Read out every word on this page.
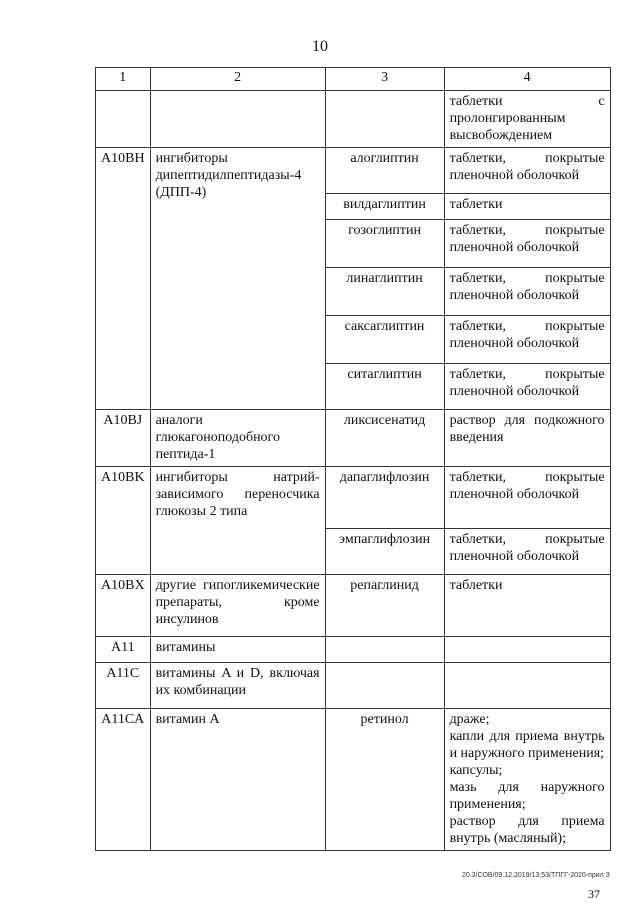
10
1	2	3	4
			таблетки с пролонгированным высвобождением
A10BH	ингибиторы дипептидилпептидазы-4 (ДПП-4)	алоглиптин	таблетки, покрытые пленочной оболочкой
		вилдаглиптин	таблетки
		гозоглиптин	таблетки, покрытые пленочной оболочкой
		линаглиптин	таблетки, покрытые пленочной оболочкой
		саксаглиптин	таблетки, покрытые пленочной оболочкой
		ситаглиптин	таблетки, покрытые пленочной оболочкой
A10BJ	аналоги глюкагоноподобного пептида-1	ликсисенатид	раствор для подкожного введения
A10BK	ингибиторы натрий-зависимого переносчика глюкозы 2 типа	дапаглифлозин	таблетки, покрытые пленочной оболочкой
		эмпаглифлозин	таблетки, покрытые пленочной оболочкой
A10BX	другие гипогликемические препараты, кроме инсулинов	репаглинид	таблетки
A11	витамины		
A11C	витамины A и D, включая их комбинации		
A11CA	витамин A	ретинол	драже;
капли для приема внутрь и наружного применения;
капсулы;
мазь для наружного применения;
раствор для приема внутрь (масляный);
20.3/СОВ/09.12.2019/13:53/ТПГГ-2020-прил 3
37
